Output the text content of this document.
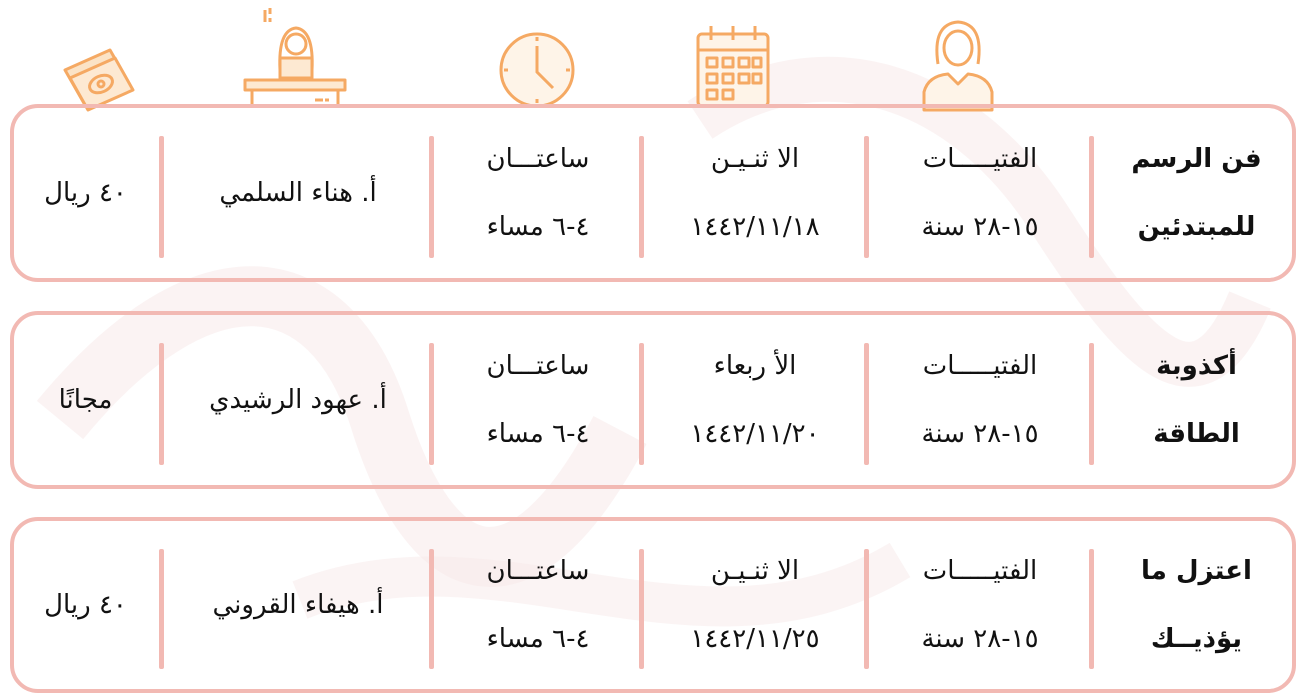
فن الرسم
للمبتدئين
الفتيـــــات
١٥-٢٨ سنة
الا ثنـيـن
١٤٤٢/١١/١٨
ساعتـــان
٤-٦ مساء
أ. هناء السلمي
٤٠ ريال
أكذوبة
الطاقة
الفتيـــــات
١٥-٢٨ سنة
الأ ربعاء
١٤٤٢/١١/٢٠
ساعتـــان
٤-٦ مساء
أ. عهود الرشيدي
مجانًا
اعتزل ما
يؤذيــك
الفتيـــــات
١٥-٢٨ سنة
الا ثنـيـن
١٤٤٢/١١/٢٥
ساعتـــان
٤-٦ مساء
أ. هيفاء القروني
٤٠ ريال
